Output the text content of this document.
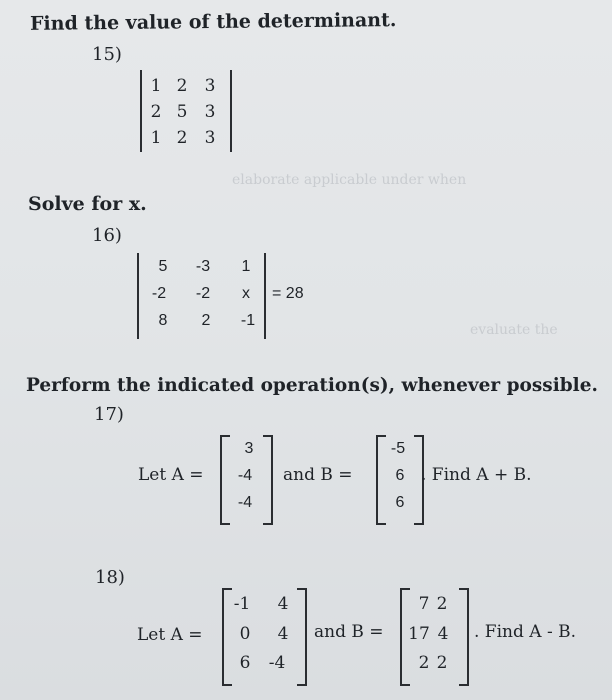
elaborate applicable under when
evaluate the
Find the value of the determinant.
15)
1 2	3
2 5	3
1 2	3
Solve for x.
16)
5	-3	1
-2 -2	x
8	2	-1
= 28
Perform the indicated operation(s), whenever possible.
17)
Let A =
3
-4
-4
and B =
-5
6
6
. Find A + B.
18)
Let A =
-1	4
0	4
6	-4
and B =
7 2
17 4
2 2
. Find A - B.
